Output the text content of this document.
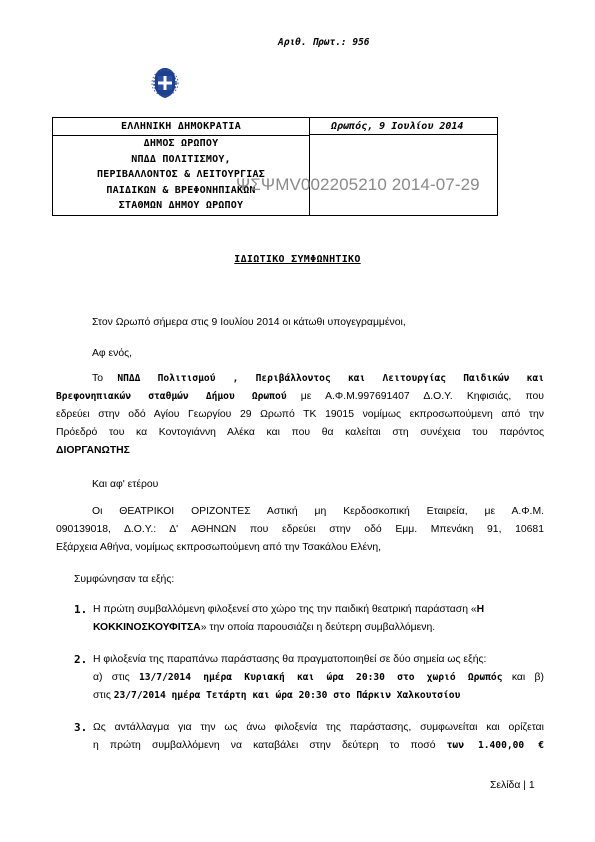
ΕΛΛΗΝΙΚΗ ΔΗΜΟΚΡΑΤΙΑ
ΔΗΜΟΣ ΩΡΩΠΟΥ
ΝΠΔΔ ΠΟΛΙΤΙΣΜΟΥ,
ΠΕΡΙΒΑΛΛΟΝΤΟΣ & ΛΕΙΤΟΥΡΓΙΑΣ
ΠΑΙΔΙΚΩΝ & ΒΡΕΦΟΝΗΠΙΑΚΩΝ
ΣΤΑΘΜΩΝ ΔΗΜΟΥ ΩΡΩΠΟΥ
Ωρωπός, 9 Ιουλίου 2014
Αριθ. Πρωτ.: 956
ΨΣΨΜV002205210 2014-07-29
ΙΔΙΩΤΙΚΟ ΣΥΜΦΩΝΗΤΙΚΟ
Στον Ωρωπό σήμερα στις 9 Ιουλίου 2014 οι κάτωθι υπογεγραμμένοι,
Αφ ενός,
Το ΝΠΔΔ Πολιτισμού , Περιβάλλοντος και Λειτουργίας Παιδικών και
Βρεφονηπιακών σταθμών Δήμου Ωρωπού με Α.Φ.Μ.997691407 Δ.Ο.Υ. Κηφισιάς, που
εδρεύει στην οδό Αγίου Γεωργίου 29 Ωρωπό ΤΚ 19015 νομίμως εκπροσωπούμενη από την
Πρόεδρό του κα Κοντογιάννη Αλέκα και που θα καλείται στη συνέχεια του παρόντος
ΔΙΟΡΓΑΝΩΤΗΣ
Και αφ' ετέρου
Οι ΘΕΑΤΡΙΚΟΙ ΟΡΙΖΟΝΤΕΣ Αστική μη Κερδοσκοπική Εταιρεία, με Α.Φ.Μ.
090139018, Δ.Ο.Υ.: Δ' ΑΘΗΝΩΝ που εδρεύει στην οδό Εμμ. Μπενάκη 91, 10681
Εξάρχεια Αθήνα, νομίμως εκπροσωπούμενη από την Τσακάλου Ελένη,
Συμφώνησαν τα εξής:
1. Η πρώτη συμβαλλόμενη φιλοξενεί στο χώρο της την παιδική θεατρική παράσταση «Η
ΚΟΚΚΙΝΟΣΚΟΥΦΙΤΣΑ» την οποία παρουσιάζει η δεύτερη συμβαλλόμενη.
2. Η φιλοξενία της παραπάνω παράστασης θα πραγματοποιηθεί σε δύο σημεία ως εξής:
α) στις 13/7/2014 ημέρα Κυριακή και ώρα 20:30 στο χωριό Ωρωπός και β)
στις 23/7/2014 ημέρα Τετάρτη και ώρα 20:30 στο Πάρκιν Χαλκουτσίου
3. Ως αντάλλαγμα για την ως άνω φιλοξενία της παράστασης, συμφωνείται και ορίζεται
η πρώτη συμβαλλόμενη να καταβάλει στην δεύτερη το ποσό των 1.400,00 €
Σελίδα | 1
